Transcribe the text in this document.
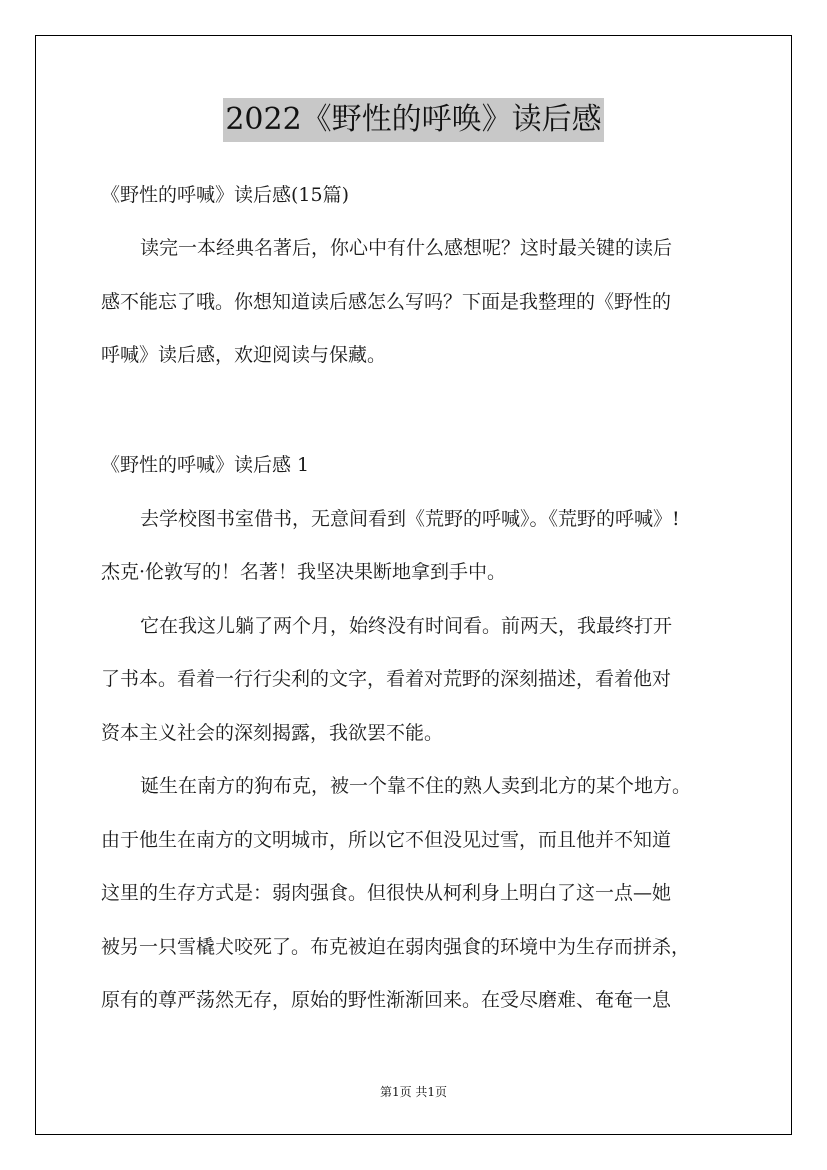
2022《野性的呼唤》读后感
《野性的呼喊》读后感(15篇)
读完一本经典名著后，你心中有什么感想呢？这时最关键的读后
感不能忘了哦。你想知道读后感怎么写吗？下面是我整理的《野性的
呼喊》读后感，欢迎阅读与保藏。
《野性的呼喊》读后感 1
去学校图书室借书，无意间看到《荒野的呼喊》。《荒野的呼喊》!
杰克·伦敦写的！名著！我坚决果断地拿到手中。
它在我这儿躺了两个月，始终没有时间看。前两天，我最终打开
了书本。看着一行行尖利的文字，看着对荒野的深刻描述，看着他对
资本主义社会的深刻揭露，我欲罢不能。
诞生在南方的狗布克，被一个靠不住的熟人卖到北方的某个地方。
由于他生在南方的文明城市，所以它不但没见过雪，而且他并不知道
这里的生存方式是：弱肉强食。但很快从柯利身上明白了这一点—她
被另一只雪橇犬咬死了。布克被迫在弱肉强食的环境中为生存而拼杀，
原有的尊严荡然无存，原始的野性渐渐回来。在受尽磨难、奄奄一息
第1页 共1页
